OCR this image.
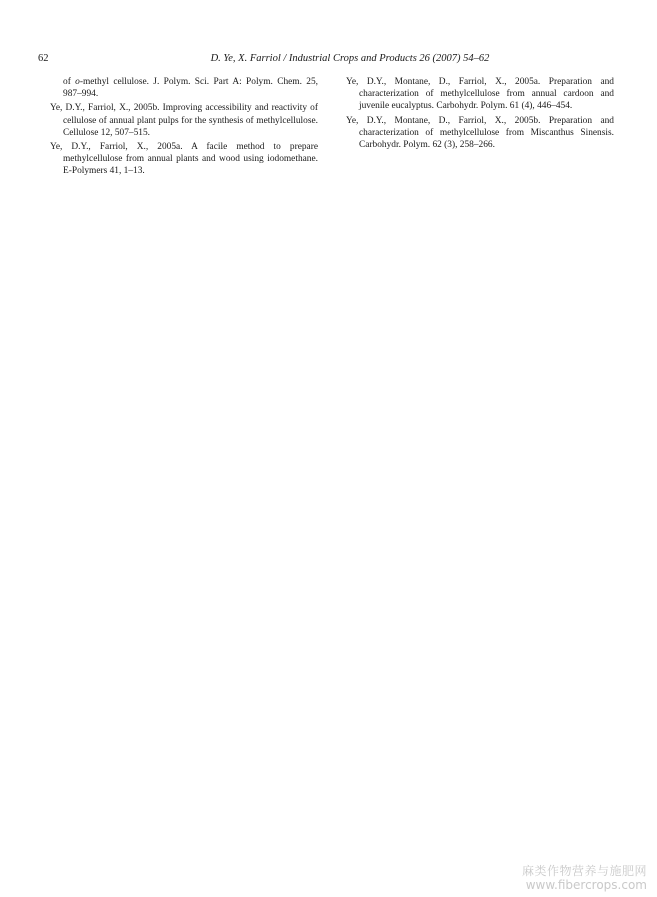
62	D. Ye, X. Farriol / Industrial Crops and Products 26 (2007) 54–62

of o-methyl cellulose. J. Polym. Sci. Part A: Polym. Chem. 25, 987–994.

Ye, D.Y., Farriol, X., 2005b. Improving accessibility and reactivity of cellulose of annual plant pulps for the synthesis of methylcellulose. Cellulose 12, 507–515.

Ye, D.Y., Farriol, X., 2005a. A facile method to prepare methylcellulose from annual plants and wood using iodomethane. E-Polymers 41, 1–13.

Ye, D.Y., Montane, D., Farriol, X., 2005a. Preparation and characterization of methylcellulose from annual cardoon and juvenile eucalyptus. Carbohydr. Polym. 61 (4), 446–454.

Ye, D.Y., Montane, D., Farriol, X., 2005b. Preparation and characterization of methylcellulose from Miscanthus Sinensis. Carbohydr. Polym. 62 (3), 258–266.

麻类作物营养与施肥网
www.fibercrops.com
